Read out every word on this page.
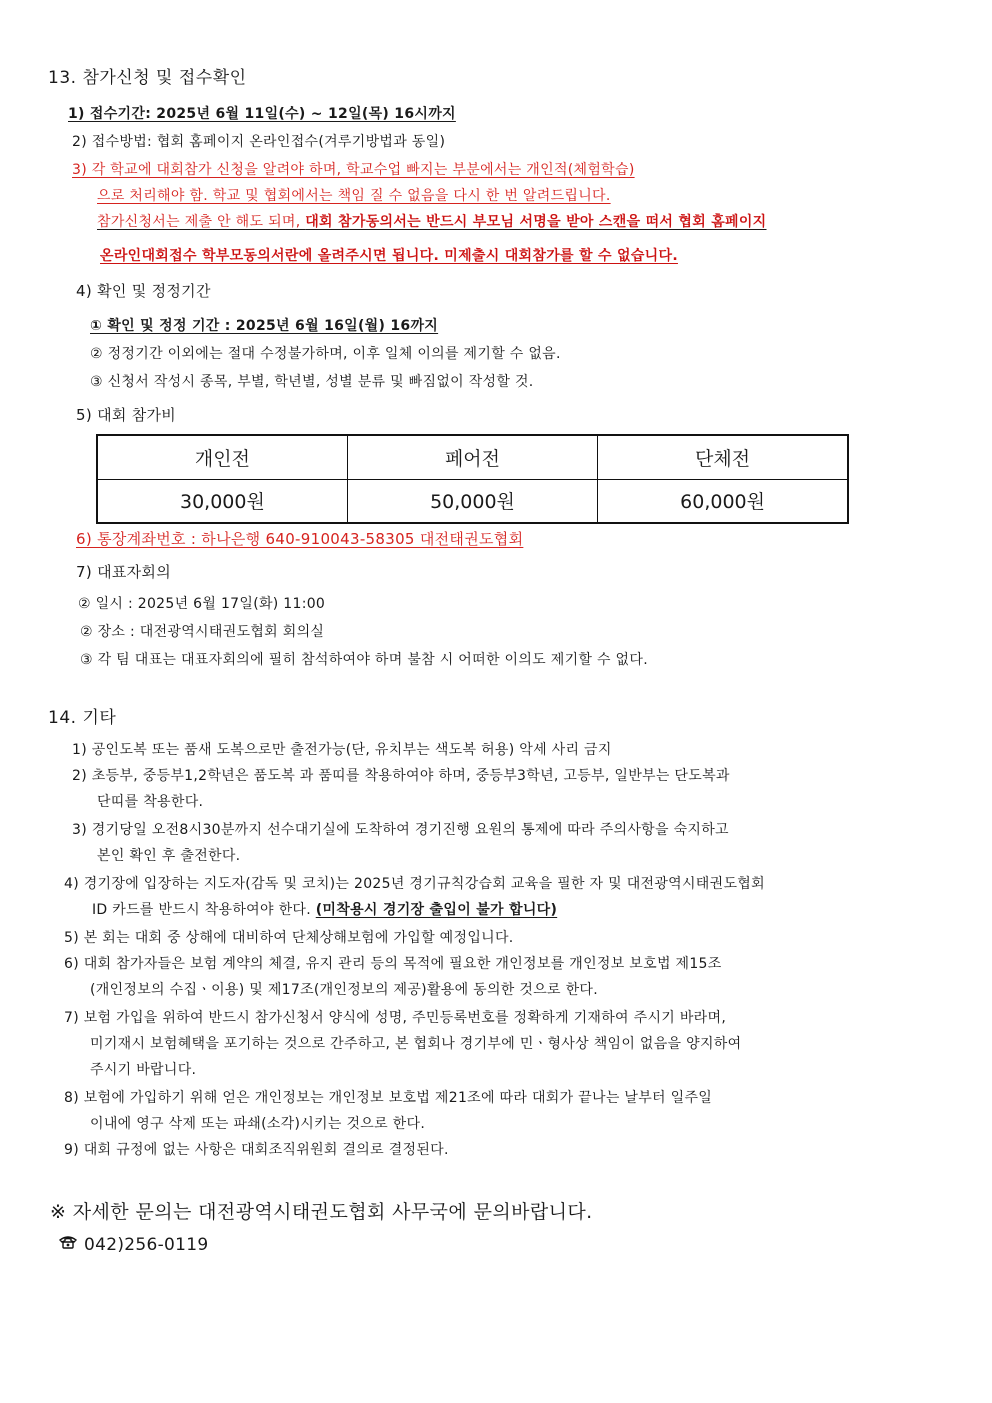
13. 참가신청 및 접수확인
1) 접수기간: 2025년 6월 11일(수) ~ 12일(목) 16시까지
2) 접수방법: 협회 홈페이지 온라인접수(겨루기방법과 동일)
3) 각 학교에 대회참가 신청을 알려야 하며, 학교수업 빠지는 부분에서는 개인적(체험학습)
으로 처리해야 함. 학교 및 협회에서는 책임 질 수 없음을 다시 한 번 알려드립니다.
참가신청서는 제출 안 해도 되며, 대회 참가동의서는 반드시 부모님 서명을 받아 스캔을 떠서 협회 홈페이지
온라인대회접수 학부모동의서란에 올려주시면 됩니다. 미제출시 대회참가를 할 수 없습니다.
4) 확인 및 정정기간
① 확인 및 정정 기간 : 2025년 6월 16일(월) 16까지
② 정정기간 이외에는 절대 수정불가하며, 이후 일체 이의를 제기할 수 없음.
③ 신청서 작성시 종목, 부별, 학년별, 성별 분류 및 빠짐없이 작성할 것.
5) 대회 참가비
개인전	페어전	단체전
30,000원	50,000원	60,000원
6) 통장계좌번호 : 하나은행 640-910043-58305 대전태권도협회
7) 대표자회의
② 일시 : 2025년 6월 17일(화) 11:00
② 장소 : 대전광역시태권도협회 회의실
③ 각 팀 대표는 대표자회의에 필히 참석하여야 하며 불참 시 어떠한 이의도 제기할 수 없다.
14. 기타
1) 공인도복 또는 품새 도복으로만 출전가능(단, 유치부는 색도복 허용) 악세 사리 금지
2) 초등부, 중등부1,2학년은 품도복 과 품띠를 착용하여야 하며, 중등부3학년, 고등부, 일반부는 단도복과
단띠를 착용한다.
3) 경기당일 오전8시30분까지 선수대기실에 도착하여 경기진행 요원의 통제에 따라 주의사항을 숙지하고
본인 확인 후 출전한다.
4) 경기장에 입장하는 지도자(감독 및 코치)는 2025년 경기규칙강습회 교육을 필한 자 및 대전광역시태권도협회
ID 카드를 반드시 착용하여야 한다. (미착용시 경기장 출입이 불가 합니다)
5) 본 회는 대회 중 상해에 대비하여 단체상해보험에 가입할 예정입니다.
6) 대회 참가자들은 보험 계약의 체결, 유지 관리 등의 목적에 필요한 개인정보를 개인정보 보호법 제15조
(개인정보의 수집ㆍ이용) 및 제17조(개인정보의 제공)활용에 동의한 것으로 한다.
7) 보험 가입을 위하여 반드시 참가신청서 양식에 성명, 주민등록번호를 정확하게 기재하여 주시기 바라며,
미기재시 보험혜택을 포기하는 것으로 간주하고, 본 협회나 경기부에 민ㆍ형사상 책임이 없음을 양지하여
주시기 바랍니다.
8) 보험에 가입하기 위해 얻은 개인정보는 개인정보 보호법 제21조에 따라 대회가 끝나는 날부터 일주일
이내에 영구 삭제 또는 파쇄(소각)시키는 것으로 한다.
9) 대회 규정에 없는 사항은 대회조직위원회 결의로 결정된다.
※ 자세한 문의는 대전광역시태권도협회 사무국에 문의바랍니다.
042)256-0119
